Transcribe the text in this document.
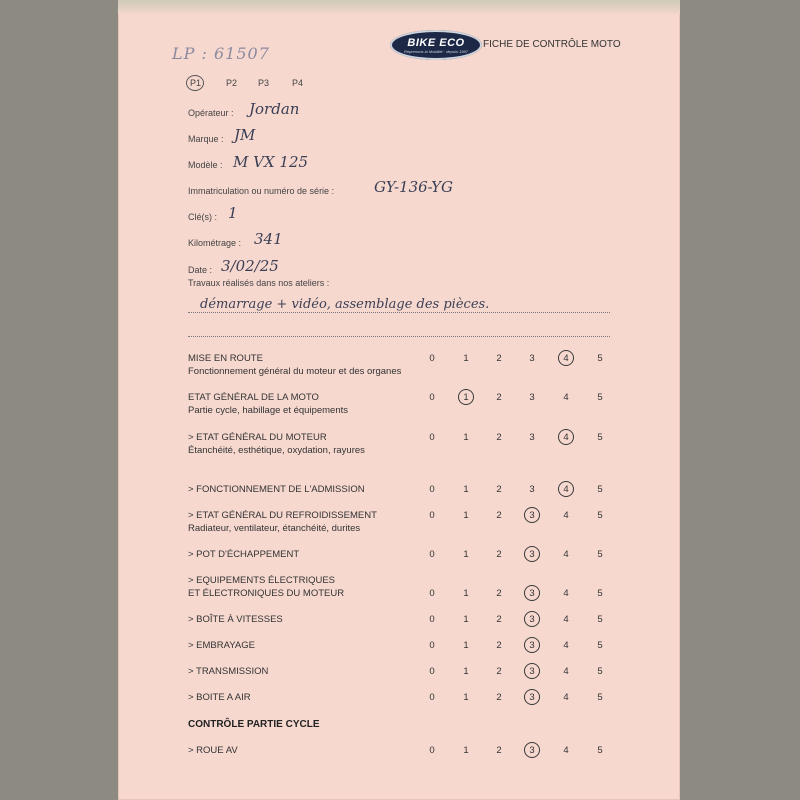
LP : 61507
BIKE ECO
Reprenons la Mobilité · depuis 1997
FICHE DE CONTRÔLE MOTO
P1	P2 P3	P4
Opérateur : Jordan
Marque : JM
Modèle : M VX 125
Immatriculation ou numéro de série :	GY-136-YG
Clé(s) : 1
Kilométrage : 341
Date : 3/02/25
Travaux réalisés dans nos ateliers :
démarrage + vidéo, assemblage des pièces.
MISE EN ROUTE
Fonctionnement général du moteur et des organes
0	1	2	3	4	5
ETAT GÉNÉRAL DE LA MOTO
Partie cycle, habillage et équipements
0	1	2	3	4	5
> ETAT GÉNÉRAL DU MOTEUR
Étanchéité, esthétique, oxydation, rayures
0	1	2	3	4	5
> FONCTIONNEMENT DE L'ADMISSION	0	1	2	3	4	5
> ETAT GÉNÉRAL DU REFROIDISSEMENT
Radiateur, ventilateur, étanchéité, durites
0	1	2	3	4	5
> POT D'ÉCHAPPEMENT	0	1	2	3	4	5
> EQUIPEMENTS ÉLECTRIQUES
ET ÉLECTRONIQUES DU MOTEUR	0	1	2	3	4	5
> BOÎTE À VITESSES	0	1	2	3	4	5
> EMBRAYAGE	0	1	2	3	4	5
> TRANSMISSION	0	1	2	3	4	5
> BOITE A AIR	0	1	2	3	4	5
CONTRÔLE PARTIE CYCLE
> ROUE AV	0	1	2	3	4	5
